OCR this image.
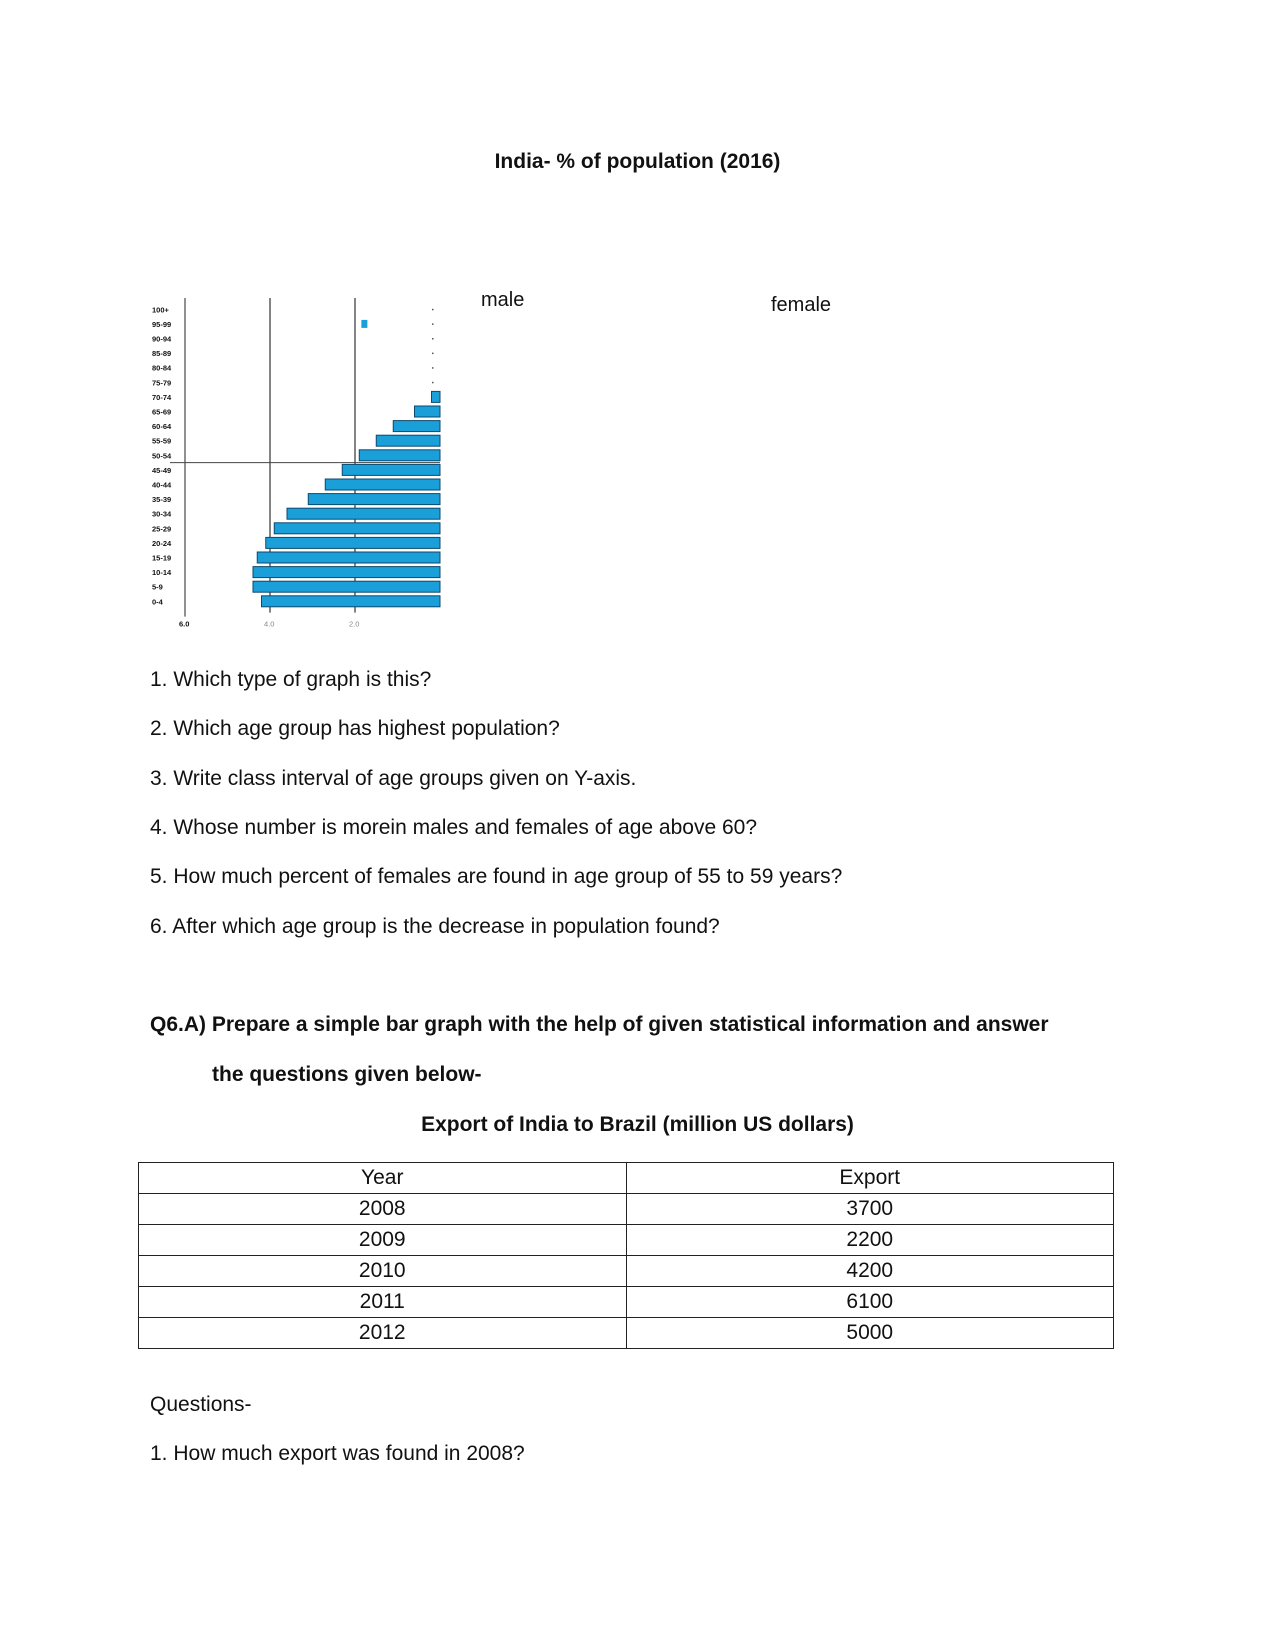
India- % of population (2016)
male	female
0-4
5-9
10-14
15-19
20-24
25-29
30-34
35-39
40-44
45-49
50-54
55-59
60-64
65-69
70-74
75-79
80-84
85-89
90-94
95-99
100+
6.0	4.0	2.0
1. Which type of graph is this?
2. Which age group has highest population?
3. Write class interval of age groups given on Y-axis.
4. Whose number is morein males and females of age above 60?
5. How much percent of females are found in age group of 55 to 59 years?
6. After which age group is the decrease in population found?
Q6.A) Prepare a simple bar graph with the help of given statistical information and answer
the questions given below-
Export of India to Brazil (million US dollars)
Year	Export
2008	3700
2009	2200
2010	4200
2011	6100
2012	5000
Questions-
1. How much export was found in 2008?
